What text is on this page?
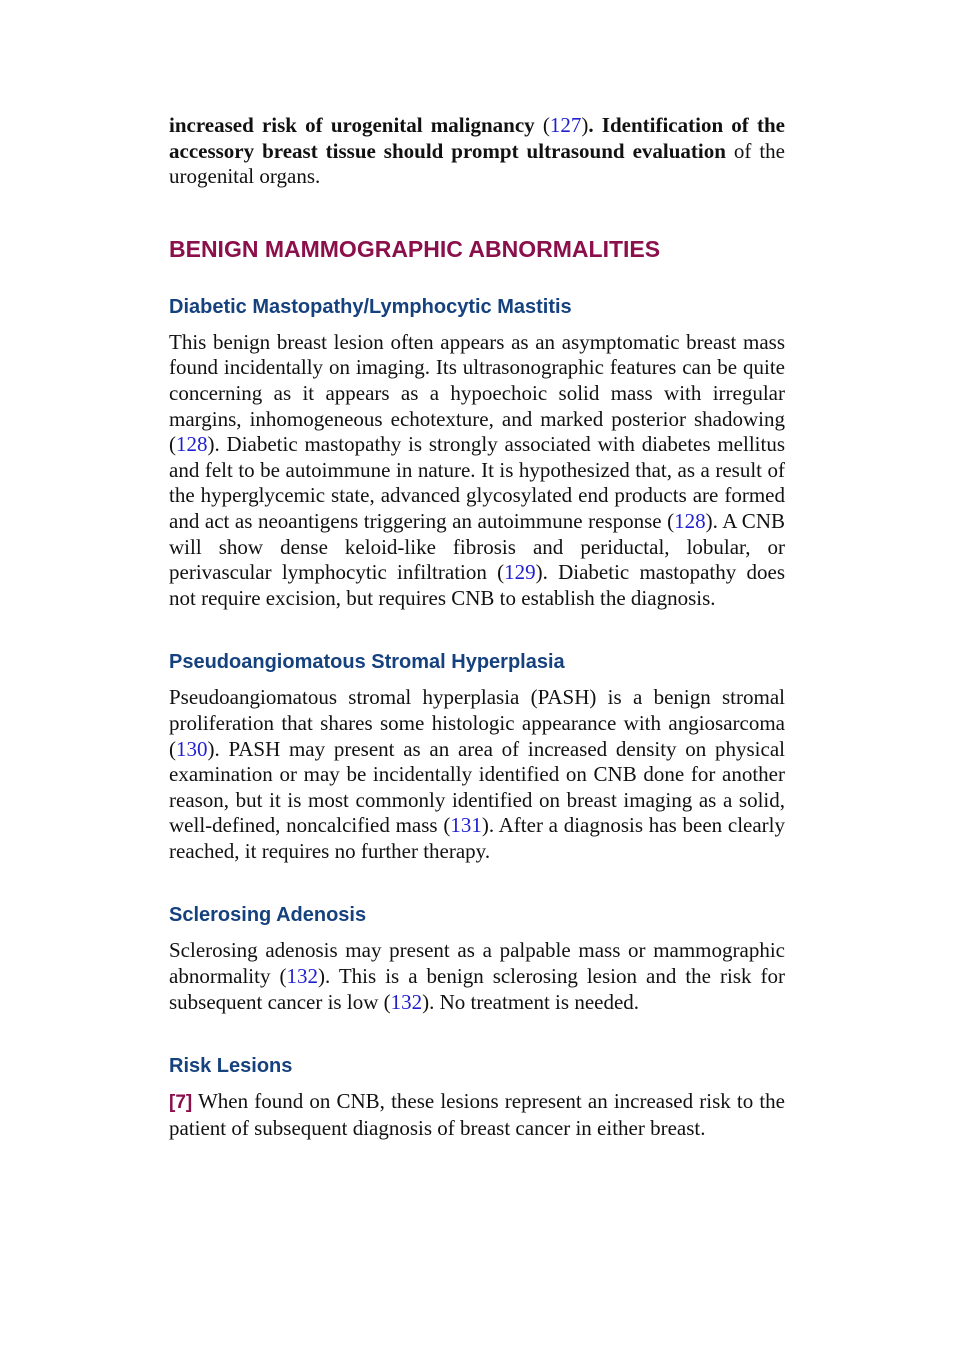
increased risk of urogenital malignancy (127). Identification of the accessory breast tissue should prompt ultrasound evaluation of the urogenital organs.

BENIGN MAMMOGRAPHIC ABNORMALITIES
Diabetic Mastopathy/Lymphocytic Mastitis

This benign breast lesion often appears as an asymptomatic breast mass found incidentally on imaging. Its ultrasonographic features can be quite concerning as it appears as a hypoechoic solid mass with irregular margins, inhomogeneous echotexture, and marked posterior shadowing (128). Diabetic mastopathy is strongly associated with diabetes mellitus and felt to be autoimmune in nature. It is hypothesized that, as a result of the hyperglycemic state, advanced glycosylated end products are formed and act as neoantigens triggering an autoimmune response (128). A CNB will show dense keloid-like fibrosis and periductal, lobular, or perivascular lymphocytic infiltration (129). Diabetic mastopathy does not require excision, but requires CNB to establish the diagnosis.

Pseudoangiomatous Stromal Hyperplasia

Pseudoangiomatous stromal hyperplasia (PASH) is a benign stromal proliferation that shares some histologic appearance with angiosarcoma (130). PASH may present as an area of increased density on physical examination or may be incidentally identified on CNB done for another reason, but it is most commonly identified on breast imaging as a solid, well-defined, noncalcified mass (131). After a diagnosis has been clearly reached, it requires no further therapy.

Sclerosing Adenosis

Sclerosing adenosis may present as a palpable mass or mammographic abnormality (132). This is a benign sclerosing lesion and the risk for subsequent cancer is low (132). No treatment is needed.

Risk Lesions

[7] When found on CNB, these lesions represent an increased risk to the patient of subsequent diagnosis of breast cancer in either breast.
